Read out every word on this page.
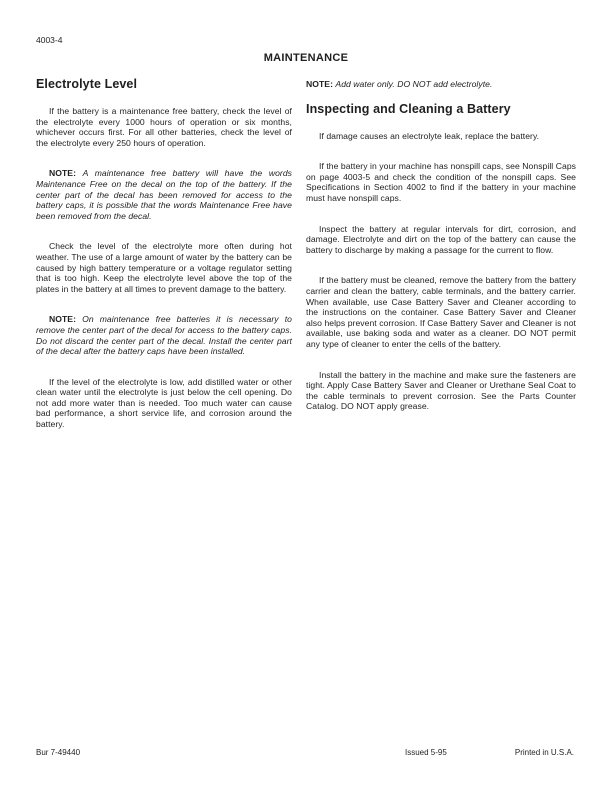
4003-4
MAINTENANCE
Electrolyte Level

If the battery is a maintenance free battery, check the level of the electrolyte every 1000 hours of operation or six months, whichever occurs first. For all other batteries, check the level of the electrolyte every 250 hours of operation.

NOTE: A maintenance free battery will have the words Maintenance Free on the decal on the top of the battery. If the center part of the decal has been removed for access to the battery caps, it is possible that the words Maintenance Free have been removed from the decal.

Check the level of the electrolyte more often during hot weather. The use of a large amount of water by the battery can be caused by high battery temperature or a voltage regulator setting that is too high. Keep the electrolyte level above the top of the plates in the battery at all times to prevent damage to the battery.

NOTE: On maintenance free batteries it is necessary to remove the center part of the decal for access to the battery caps. Do not discard the center part of the decal. Install the center part of the decal after the battery caps have been installed.

If the level of the electrolyte is low, add distilled water or other clean water until the electrolyte is just below the cell opening. Do not add more water than is needed. Too much water can cause bad performance, a short service life, and corrosion around the battery.

NOTE: Add water only. DO NOT add electrolyte.

Inspecting and Cleaning a Battery

If damage causes an electrolyte leak, replace the battery.

If the battery in your machine has nonspill caps, see Nonspill Caps on page 4003-5 and check the condition of the nonspill caps. See Specifications in Section 4002 to find if the battery in your machine must have nonspill caps.

Inspect the battery at regular intervals for dirt, corrosion, and damage. Electrolyte and dirt on the top of the battery can cause the battery to discharge by making a passage for the current to flow.

If the battery must be cleaned, remove the battery from the battery carrier and clean the battery, cable terminals, and the battery carrier. When available, use Case Battery Saver and Cleaner according to the instructions on the container. Case Battery Saver and Cleaner also helps prevent corrosion. If Case Battery Saver and Cleaner is not available, use baking soda and water as a cleaner. DO NOT permit any type of cleaner to enter the cells of the battery.

Install the battery in the machine and make sure the fasteners are tight. Apply Case Battery Saver and Cleaner or Urethane Seal Coat to the cable terminals to prevent corrosion. See the Parts Counter Catalog. DO NOT apply grease.

Bur 7-49440	Issued 5-95	Printed in U.S.A.
